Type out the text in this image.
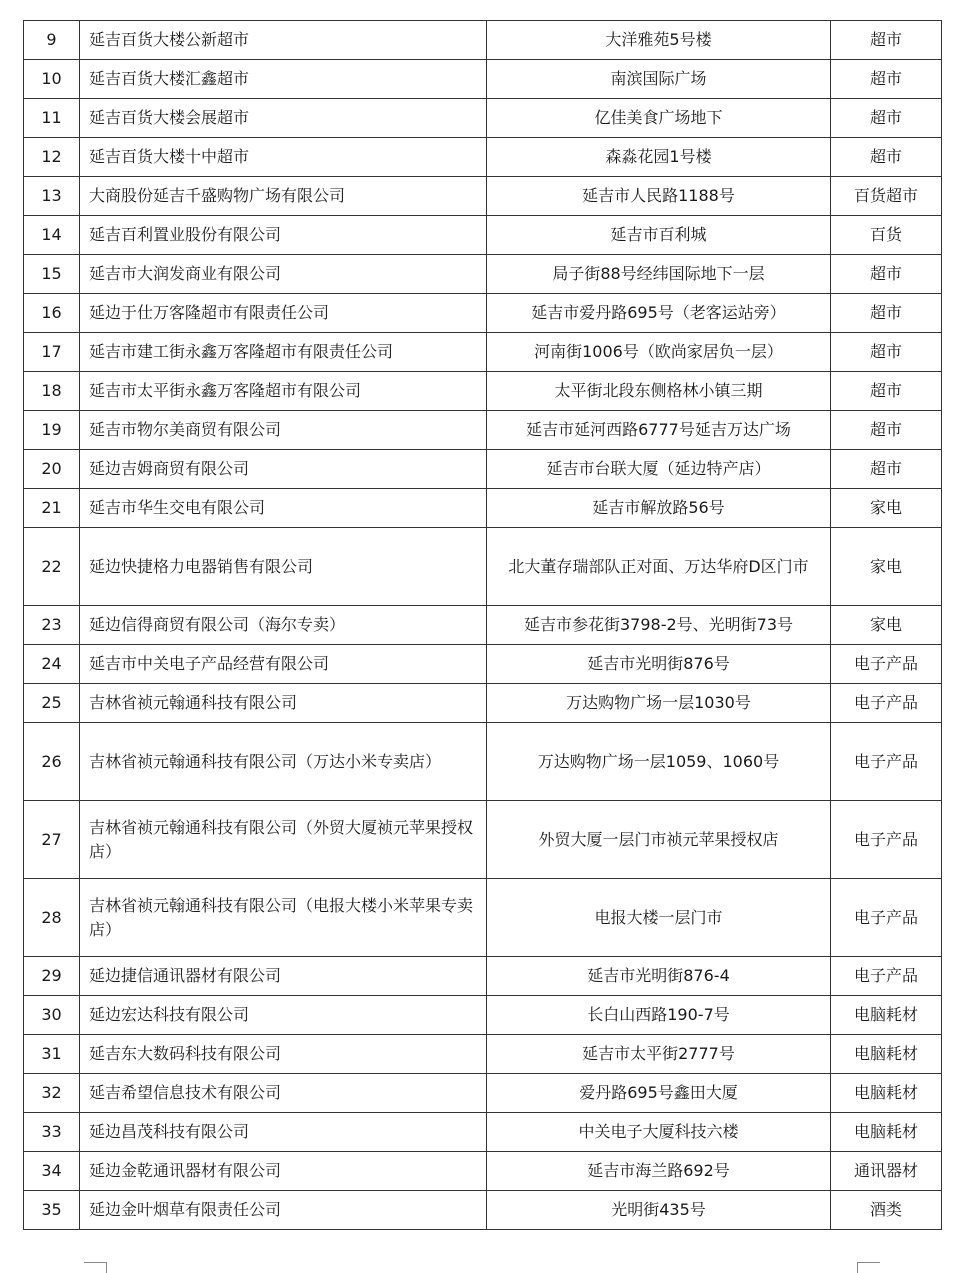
9	延吉百货大楼公新超市	大洋雅苑5号楼	超市
10	延吉百货大楼汇鑫超市	南滨国际广场	超市
11	延吉百货大楼会展超市	亿佳美食广场地下	超市
12	延吉百货大楼十中超市	森淼花园1号楼	超市
13	大商股份延吉千盛购物广场有限公司	延吉市人民路1188号	百货超市
14	延吉百利置业股份有限公司	延吉市百利城	百货
15	延吉市大润发商业有限公司	局子街88号经纬国际地下一层	超市
16	延边于仕万客隆超市有限责任公司	延吉市爱丹路695号（老客运站旁）	超市
17	延吉市建工街永鑫万客隆超市有限责任公司	河南街1006号（欧尚家居负一层）	超市
18	延吉市太平街永鑫万客隆超市有限公司	太平街北段东侧格林小镇三期	超市
19	延吉市物尔美商贸有限公司	延吉市延河西路6777号延吉万达广场	超市
20	延边吉姆商贸有限公司	延吉市台联大厦（延边特产店）	超市
21	延吉市华生交电有限公司	延吉市解放路56号	家电
22	延边快捷格力电器销售有限公司	北大董存瑞部队正对面、万达华府D区门市	家电
23	延边信得商贸有限公司（海尔专卖）	延吉市参花街3798-2号、光明街73号	家电
24	延吉市中关电子产品经营有限公司	延吉市光明街876号	电子产品
25	吉林省祯元翰通科技有限公司	万达购物广场一层1030号	电子产品
26	吉林省祯元翰通科技有限公司（万达小米专卖店）	万达购物广场一层1059、1060号	电子产品
27	吉林省祯元翰通科技有限公司（外贸大厦祯元苹果授权店）	外贸大厦一层门市祯元苹果授权店	电子产品
28	吉林省祯元翰通科技有限公司（电报大楼小米苹果专卖店）	电报大楼一层门市	电子产品
29	延边捷信通讯器材有限公司	延吉市光明街876-4	电子产品
30	延边宏达科技有限公司	长白山西路190-7号	电脑耗材
31	延吉东大数码科技有限公司	延吉市太平街2777号	电脑耗材
32	延吉希望信息技术有限公司	爱丹路695号鑫田大厦	电脑耗材
33	延边昌茂科技有限公司	中关电子大厦科技六楼	电脑耗材
34	延边金乾通讯器材有限公司	延吉市海兰路692号	通讯器材
35	延边金叶烟草有限责任公司	光明街435号	酒类
